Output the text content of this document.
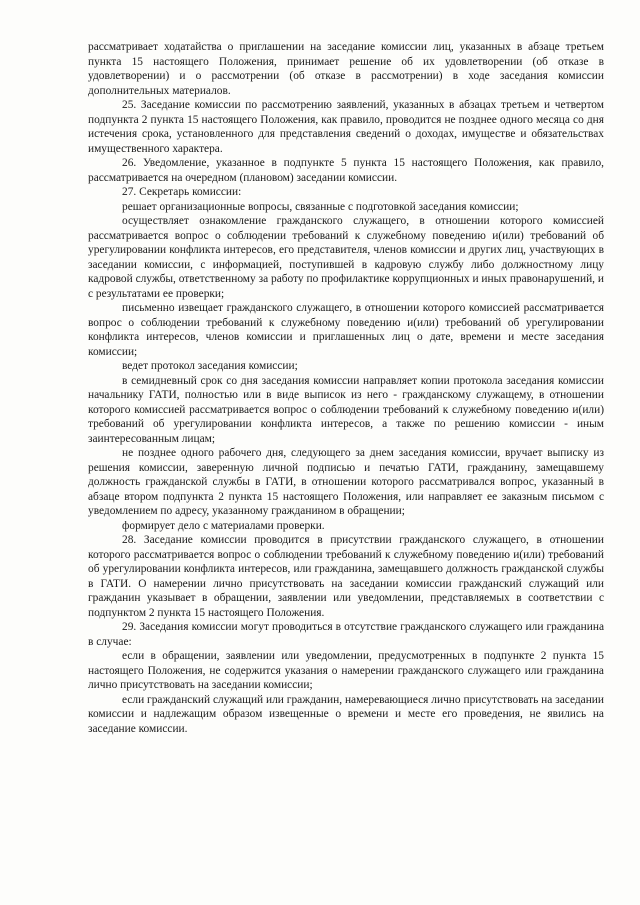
рассматривает ходатайства о приглашении на заседание комиссии лиц, указанных в абзаце третьем пункта 15 настоящего Положения, принимает решение об их удовлетворении (об отказе в удовлетворении) и о рассмотрении (об отказе в рассмотрении) в ходе заседания комиссии дополнительных материалов.

25. Заседание комиссии по рассмотрению заявлений, указанных в абзацах третьем и четвертом подпункта 2 пункта 15 настоящего Положения, как правило, проводится не позднее одного месяца со дня истечения срока, установленного для представления сведений о доходах, имуществе и обязательствах имущественного характера.

26. Уведомление, указанное в подпункте 5 пункта 15 настоящего Положения, как правило, рассматривается на очередном (плановом) заседании комиссии.

27. Секретарь комиссии:

решает организационные вопросы, связанные с подготовкой заседания комиссии;

осуществляет ознакомление гражданского служащего, в отношении которого комиссией рассматривается вопрос о соблюдении требований к служебному поведению и(или) требований об урегулировании конфликта интересов, его представителя, членов комиссии и других лиц, участвующих в заседании комиссии, с информацией, поступившей в кадровую службу либо должностному лицу кадровой службы, ответственному за работу по профилактике коррупционных и иных правонарушений, и с результатами ее проверки;

письменно извещает гражданского служащего, в отношении которого комиссией рассматривается вопрос о соблюдении требований к служебному поведению и(или) требований об урегулировании конфликта интересов, членов комиссии и приглашенных лиц о дате, времени и месте заседания комиссии;

ведет протокол заседания комиссии;

в семидневный срок со дня заседания комиссии направляет копии протокола заседания комиссии начальнику ГАТИ, полностью или в виде выписок из него - гражданскому служащему, в отношении которого комиссией рассматривается вопрос о соблюдении требований к служебному поведению и(или) требований об урегулировании конфликта интересов, а также по решению комиссии - иным заинтересованным лицам;

не позднее одного рабочего дня, следующего за днем заседания комиссии, вручает выписку из решения комиссии, заверенную личной подписью и печатью ГАТИ, гражданину, замещавшему должность гражданской службы в ГАТИ, в отношении которого рассматривался вопрос, указанный в абзаце втором подпункта 2 пункта 15 настоящего Положения, или направляет ее заказным письмом с уведомлением по адресу, указанному гражданином в обращении;

формирует дело с материалами проверки.

28. Заседание комиссии проводится в присутствии гражданского служащего, в отношении которого рассматривается вопрос о соблюдении требований к служебному поведению и(или) требований об урегулировании конфликта интересов, или гражданина, замещавшего должность гражданской службы в ГАТИ. О намерении лично присутствовать на заседании комиссии гражданский служащий или гражданин указывает в обращении, заявлении или уведомлении, представляемых в соответствии с подпунктом 2 пункта 15 настоящего Положения.

29. Заседания комиссии могут проводиться в отсутствие гражданского служащего или гражданина в случае:

если в обращении, заявлении или уведомлении, предусмотренных в подпункте 2 пункта 15 настоящего Положения, не содержится указания о намерении гражданского служащего или гражданина лично присутствовать на заседании комиссии;

если гражданский служащий или гражданин, намеревающиеся лично присутствовать на заседании комиссии и надлежащим образом извещенные о времени и месте его проведения, не явились на заседание комиссии.
